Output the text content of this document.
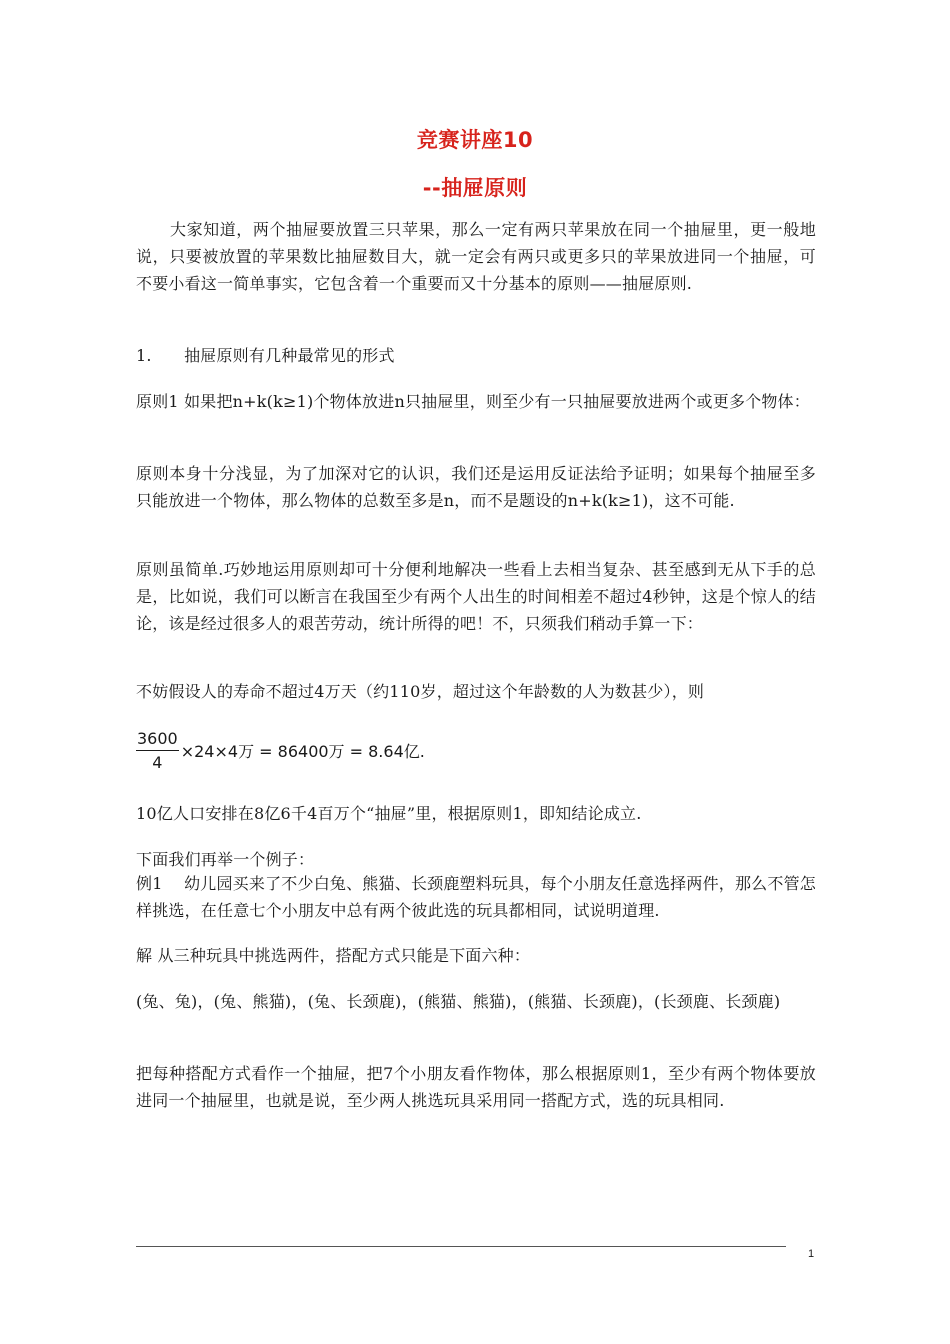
竞赛讲座10
--抽屉原则
大家知道，两个抽屉要放置三只苹果，那么一定有两只苹果放在同一个抽屉里，更一般地说，只要被放置的苹果数比抽屉数目大，就一定会有两只或更多只的苹果放进同一个抽屉，可不要小看这一简单事实，它包含着一个重要而又十分基本的原则——抽屉原则.
1.　　抽屉原则有几种最常见的形式
原则1 如果把n+k(k≥1)个物体放进n只抽屉里，则至少有一只抽屉要放进两个或更多个物体：
原则本身十分浅显，为了加深对它的认识，我们还是运用反证法给予证明；如果每个抽屉至多只能放进一个物体，那么物体的总数至多是n，而不是题设的n+k(k≥1)，这不可能.
原则虽简单.巧妙地运用原则却可十分便利地解决一些看上去相当复杂、甚至感到无从下手的总是，比如说，我们可以断言在我国至少有两个人出生的时间相差不超过4秒钟，这是个惊人的结论，该是经过很多人的艰苦劳动，统计所得的吧！不，只须我们稍动手算一下：
不妨假设人的寿命不超过4万天（约110岁，超过这个年龄数的人为数甚少），则
$\frac{3600}{4} \times 24\times 4$万 = 86400万 = 8.64亿.
10亿人口安排在8亿6千4百万个“抽屉”里，根据原则1，即知结论成立.
下面我们再举一个例子：
例1　 幼儿园买来了不少白兔、熊猫、长颈鹿塑料玩具，每个小朋友任意选择两件，那么不管怎样挑选，在任意七个小朋友中总有两个彼此选的玩具都相同，试说明道理.
解 从三种玩具中挑选两件，搭配方式只能是下面六种：
(兔、兔)，(兔、熊猫)，(兔、长颈鹿)，(熊猫、熊猫)，(熊猫、长颈鹿)，(长颈鹿、长颈鹿)
把每种搭配方式看作一个抽屉，把7个小朋友看作物体，那么根据原则1，至少有两个物体要放进同一个抽屉里，也就是说，至少两人挑选玩具采用同一搭配方式，选的玩具相同.
1
